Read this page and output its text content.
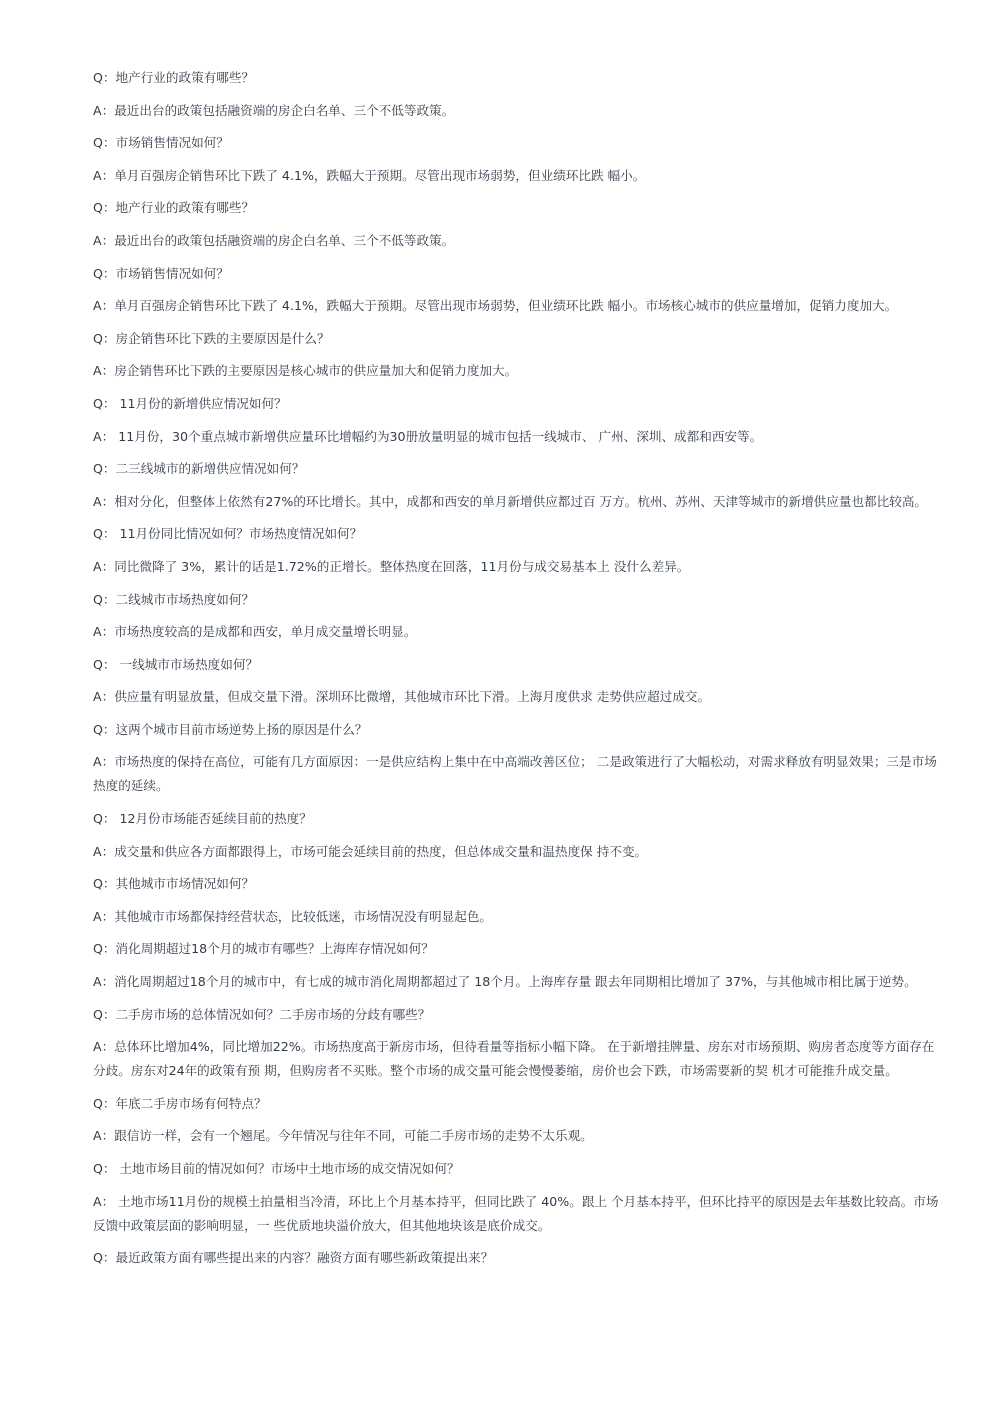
Q：地产行业的政策有哪些？

A：最近出台的政策包括融资端的房企白名单、三个不低等政策。

Q：市场销售情况如何？

A：单月百强房企销售环比下跌了 4.1%，跌幅大于预期。尽管出现市场弱势，但业绩环比跌 幅小。

Q：地产行业的政策有哪些？

A：最近出台的政策包括融资端的房企白名单、三个不低等政策。

Q：市场销售情况如何？

A：单月百强房企销售环比下跌了 4.1%，跌幅大于预期。尽管出现市场弱势，但业绩环比跌 幅小。市场核心城市的供应量增加，促销力度加大。

Q：房企销售环比下跌的主要原因是什么？

A：房企销售环比下跌的主要原因是核心城市的供应量加大和促销力度加大。

Q： 11月份的新增供应情况如何？

A： 11月份，30个重点城市新增供应量环比增幅约为30册放量明显的城市包括一线城市、 广州、深圳、成都和西安等。

Q：二三线城市的新增供应情况如何？

A：相对分化，但整体上依然有27%的环比增长。其中，成都和西安的单月新增供应都过百 万方。杭州、苏州、天津等城市的新增供应量也都比较高。

Q： 11月份同比情况如何？市场热度情况如何？

A：同比微降了 3%，累计的话是1.72%的正增长。整体热度在回落，11月份与成交易基本上 没什么差异。

Q：二线城市市场热度如何？

A：市场热度较高的是成都和西安，单月成交量增长明显。

Q： 一线城市市场热度如何？

A：供应量有明显放量，但成交量下滑。深圳环比微增，其他城市环比下滑。上海月度供求 走势供应超过成交。

Q：这两个城市目前市场逆势上扬的原因是什么？

A：市场热度的保持在高位，可能有几方面原因：一是供应结构上集中在中高端改善区位； 二是政策进行了大幅松动，对需求释放有明显效果；三是市场热度的延续。

Q： 12月份市场能否延续目前的热度？

A：成交量和供应各方面都跟得上，市场可能会延续目前的热度，但总体成交量和温热度保 持不变。

Q：其他城市市场情况如何？

A：其他城市市场都保持经营状态，比较低迷，市场情况没有明显起色。

Q：消化周期超过18个月的城市有哪些？上海库存情况如何？

A：消化周期超过18个月的城市中，有七成的城市消化周期都超过了 18个月。上海库存量 跟去年同期相比增加了 37%，与其他城市相比属于逆势。

Q：二手房市场的总体情况如何？二手房市场的分歧有哪些？

A：总体环比增加4%，同比增加22%。市场热度高于新房市场，但待看量等指标小幅下降。 在于新增挂牌量、房东对市场预期、购房者态度等方面存在分歧。房东对24年的政策有预 期，但购房者不买账。整个市场的成交量可能会慢慢萎缩，房价也会下跌，市场需要新的契 机才可能推升成交量。

Q：年底二手房市场有何特点？

A：跟信访一样，会有一个翘尾。今年情况与往年不同，可能二手房市场的走势不太乐观。

Q： 土地市场目前的情况如何？市场中土地市场的成交情况如何？

A： 土地市场11月份的规模土拍量相当冷清，环比上个月基本持平，但同比跌了 40%。跟上 个月基本持平，但环比持平的原因是去年基数比较高。市场反馈中政策层面的影响明显，一 些优质地块溢价放大，但其他地块该是底价成交。

Q：最近政策方面有哪些提出来的内容？融资方面有哪些新政策提出来？
